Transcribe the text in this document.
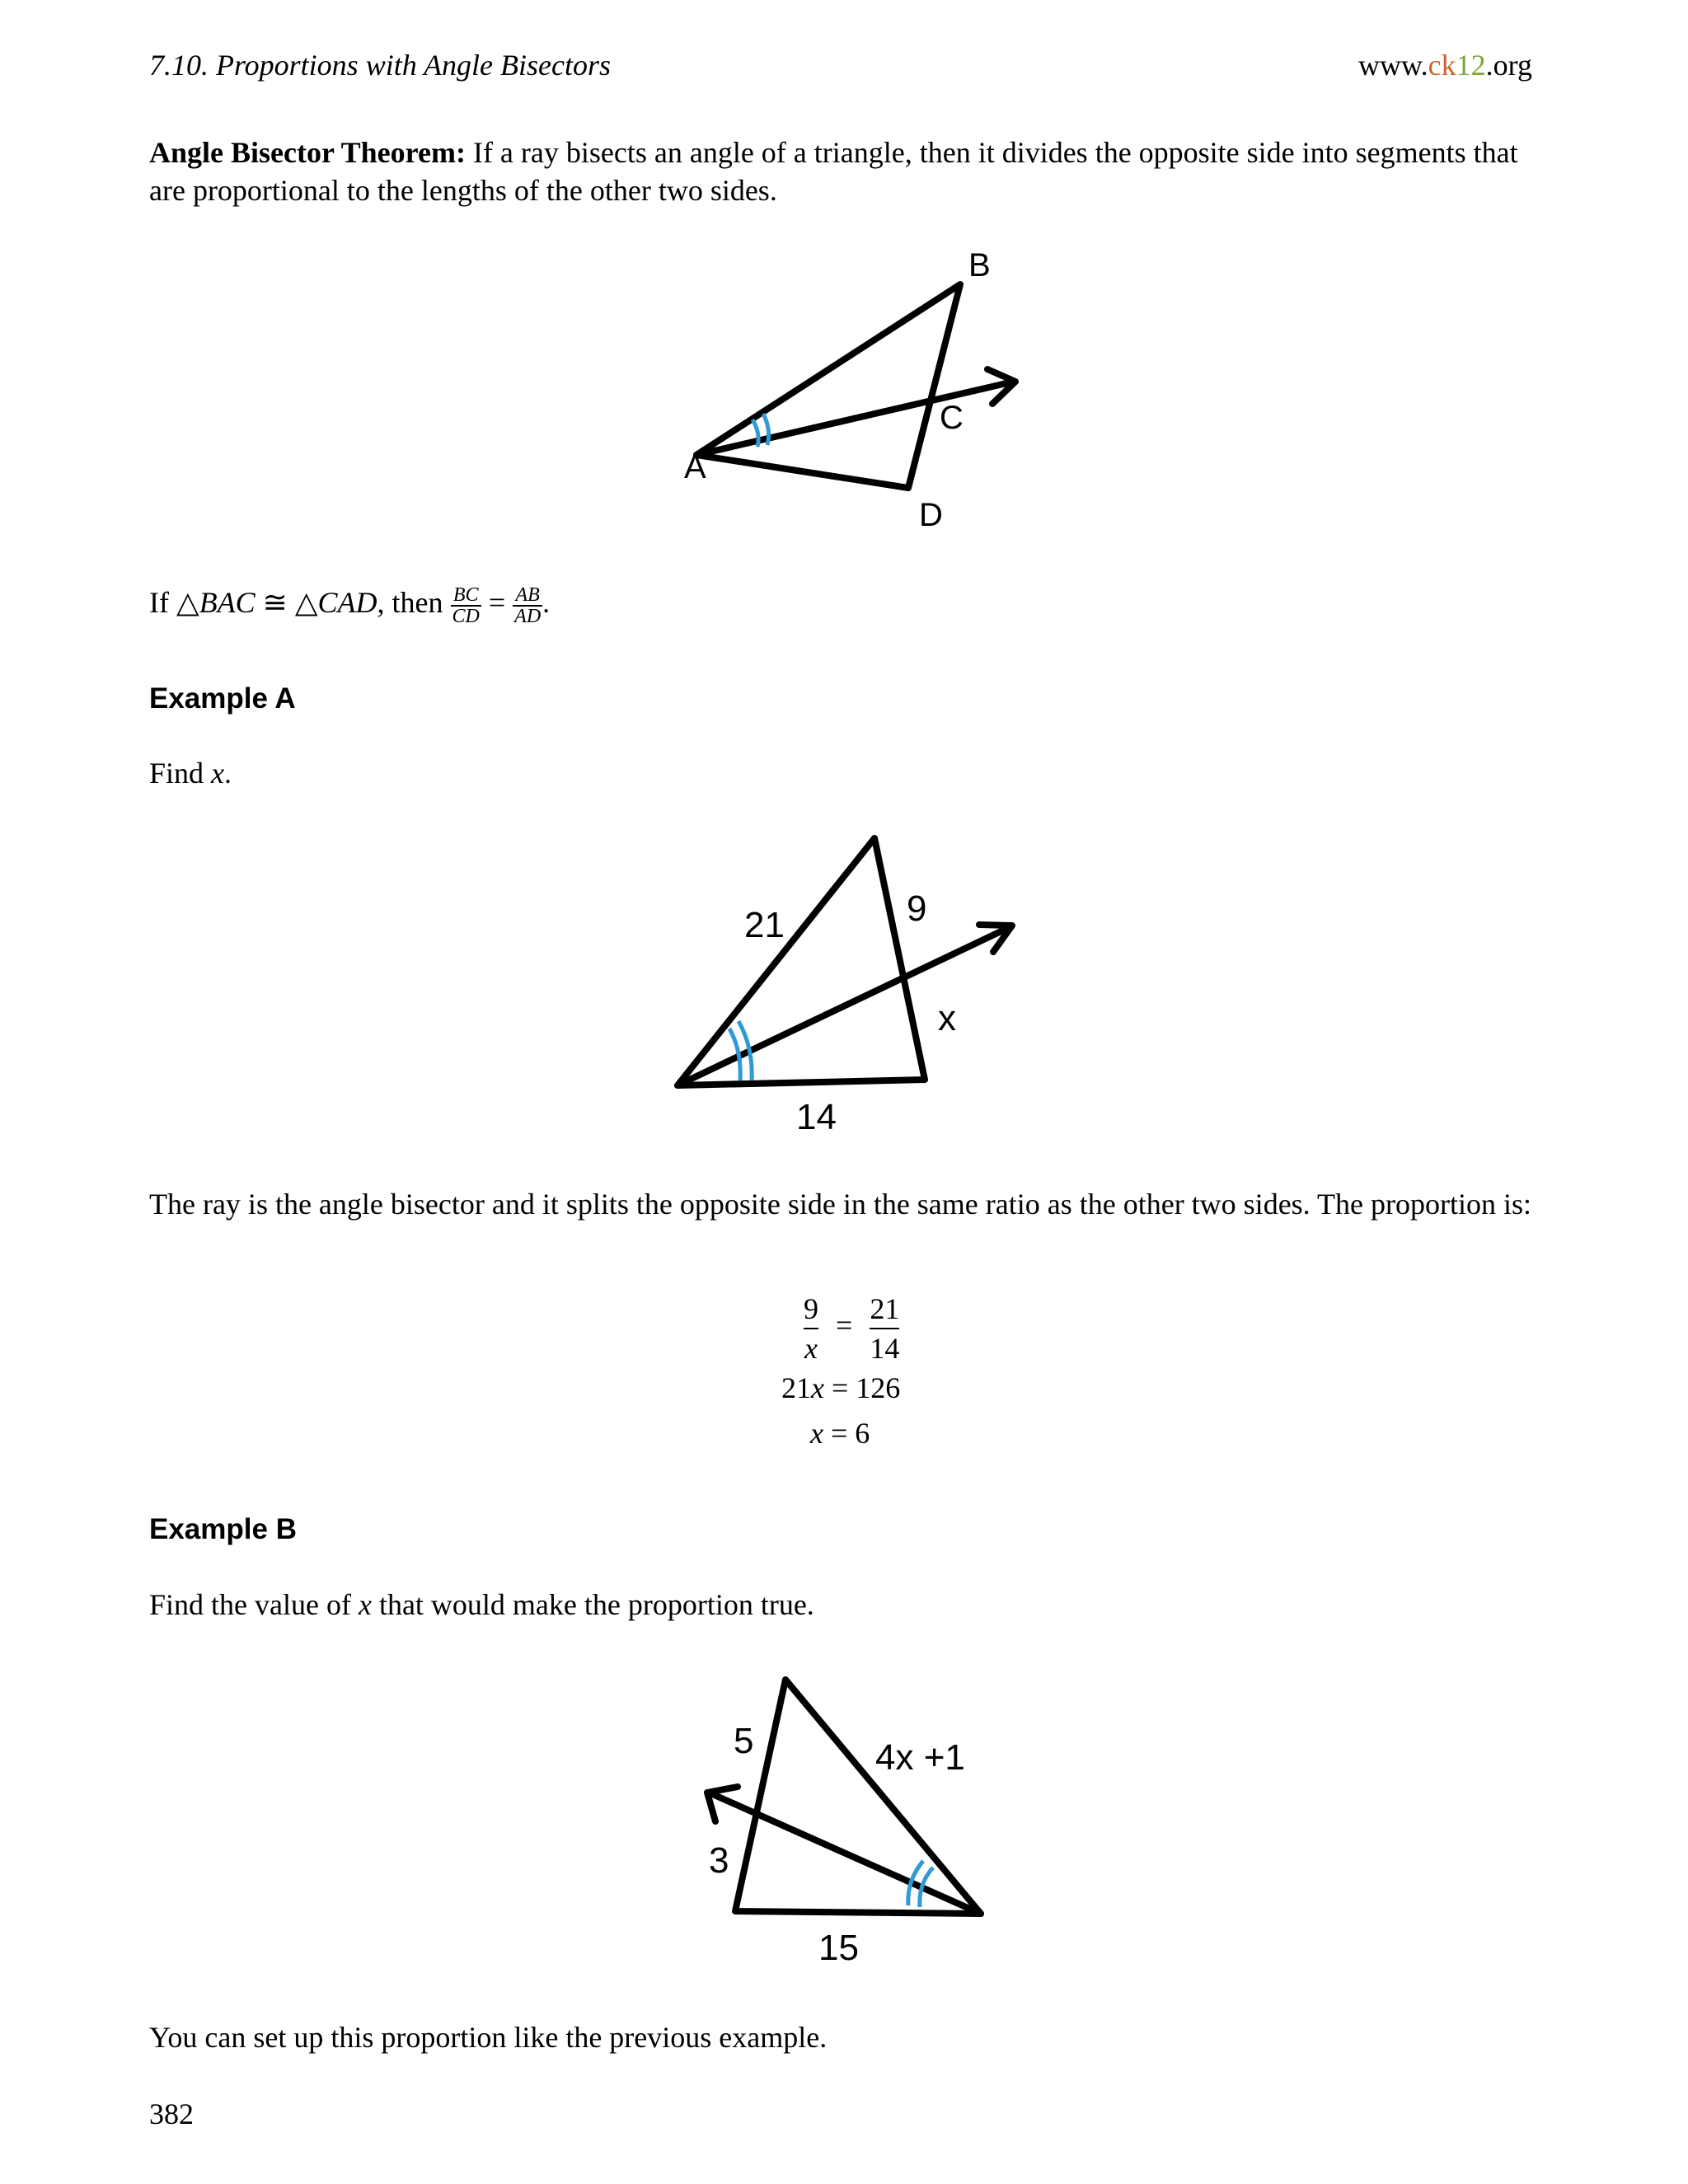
7.10. Proportions with Angle Bisectors	www.ck12.org
Angle Bisector Theorem: If a ray bisects an angle of a triangle, then it divides the opposite side into segments that are proportional to the lengths of the other two sides.
A
B
C
D
If △BAC ≅ △CAD, then $\frac{BC}{CD} = \frac{AB}{AD}$ .
Example A
Find x.
21	9
x
14
The ray is the angle bisector and it splits the opposite side in the same ratio as the other two sides. The proportion is:
$\frac{9}{x} = \frac{21}{14}$
21x = 126
x = 6
Example B
Find the value of x that would make the proportion true.
5	4x +1
3
15
You can set up this proportion like the previous example.
382
